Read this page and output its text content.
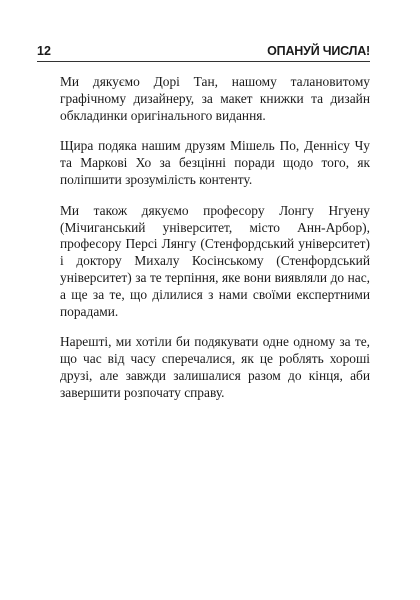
12	ОПАНУЙ ЧИСЛА!

Ми дякуємо Дорі Тан, нашому талановитому графічному дизайнеру, за макет книжки та дизайн обкладинки оригінального видання.

Щира подяка нашим друзям Мішель По, Деннісу Чу та Маркові Хо за безцінні поради щодо того, як поліпшити зрозумілість контенту.

Ми також дякуємо професору Лонгу Нгуену (Мічиганський університет, місто Анн-Арбор), професору Персі Лянгу (Стенфордський університет) і доктору Михалу Косінському (Стенфордський університет) за те терпіння, яке вони виявляли до нас, а ще за те, що ділилися з нами своїми експертними порадами.

Нарешті, ми хотіли би подякувати одне одному за те, що час від часу сперечалися, як це роблять хороші друзі, але завжди залишалися разом до кінця, аби завершити розпочату справу.
